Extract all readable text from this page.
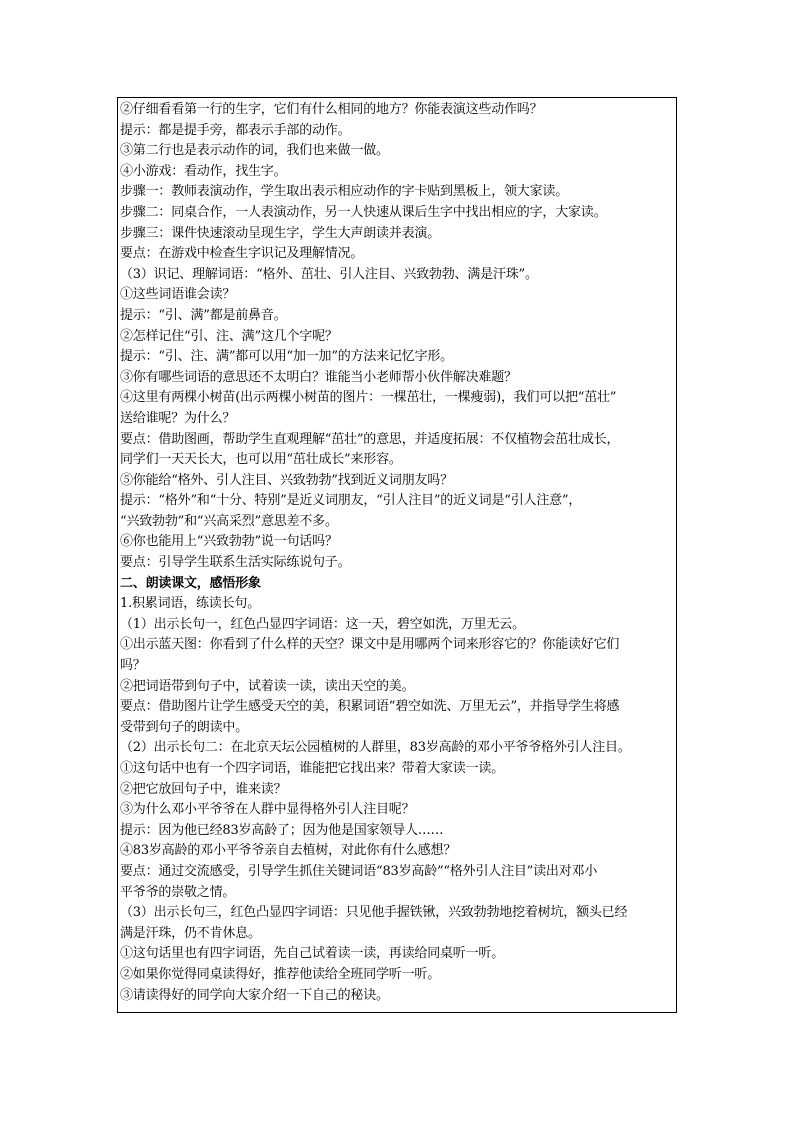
②仔细看看第一行的生字，它们有什么相同的地方？你能表演这些动作吗？
提示：都是提手旁，都表示手部的动作。
③第二行也是表示动作的词，我们也来做一做。
④小游戏：看动作，找生字。
步骤一：教师表演动作，学生取出表示相应动作的字卡贴到黑板上，领大家读。
步骤二：同桌合作，一人表演动作，另一人快速从课后生字中找出相应的字，大家读。
步骤三：课件快速滚动呈现生字，学生大声朗读并表演。
要点：在游戏中检查生字识记及理解情况。
（3）识记、理解词语：“格外、茁壮、引人注目、兴致勃勃、满是汗珠”。
①这些词语谁会读？
提示：“引、满”都是前鼻音。
②怎样记住“引、注、满”这几个字呢？
提示：“引、注、满”都可以用“加一加”的方法来记忆字形。
③你有哪些词语的意思还不太明白？谁能当小老师帮小伙伴解决难题？
④这里有两棵小树苗(出示两棵小树苗的图片：一棵茁壮，一棵瘦弱)，我们可以把“茁壮”
送给谁呢？为什么？
要点：借助图画，帮助学生直观理解“茁壮”的意思，并适度拓展：不仅植物会茁壮成长，
同学们一天天长大，也可以用“茁壮成长”来形容。
⑤你能给“格外、引人注目、兴致勃勃”找到近义词朋友吗？
提示：“格外”和“十分、特别”是近义词朋友，“引人注目”的近义词是“引人注意”，
“兴致勃勃”和“兴高采烈”意思差不多。
⑥你也能用上“兴致勃勃”说一句话吗？
要点：引导学生联系生活实际练说句子。
二、朗读课文，感悟形象
1.积累词语，练读长句。
（1）出示长句一，红色凸显四字词语：这一天，碧空如洗，万里无云。
①出示蓝天图：你看到了什么样的天空？课文中是用哪两个词来形容它的？你能读好它们
吗？
②把词语带到句子中，试着读一读，读出天空的美。
要点：借助图片让学生感受天空的美，积累词语“碧空如洗、万里无云”，并指导学生将感
受带到句子的朗读中。
（2）出示长句二：在北京天坛公园植树的人群里，83岁高龄的邓小平爷爷格外引人注目。
①这句话中也有一个四字词语，谁能把它找出来？带着大家读一读。
②把它放回句子中，谁来读？
③为什么邓小平爷爷在人群中显得格外引人注目呢？
提示：因为他已经83岁高龄了；因为他是国家领导人……
④83岁高龄的邓小平爷爷亲自去植树，对此你有什么感想？
要点：通过交流感受，引导学生抓住关键词语“83岁高龄”“格外引人注目”读出对邓小
平爷爷的崇敬之情。
（3）出示长句三，红色凸显四字词语：只见他手握铁锹，兴致勃勃地挖着树坑，额头已经
满是汗珠，仍不肯休息。
①这句话里也有四字词语，先自己试着读一读，再读给同桌听一听。
②如果你觉得同桌读得好，推荐他读给全班同学听一听。
③请读得好的同学向大家介绍一下自己的秘诀。
